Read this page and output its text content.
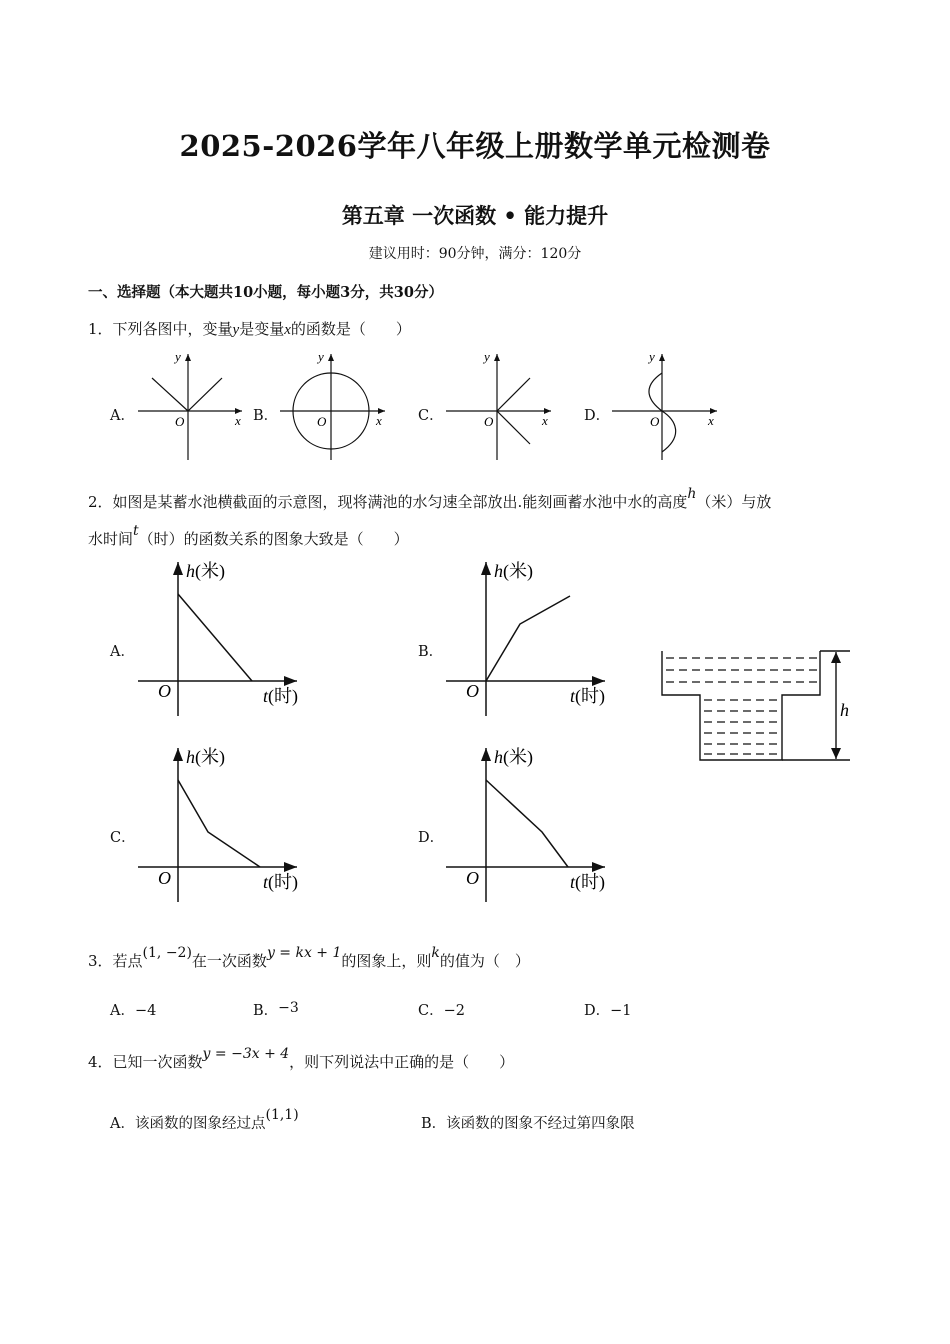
2025-2026学年八年级上册数学单元检测卷
第五章 一次函数 • 能力提升
建议用时：90分钟，满分：120分
一、选择题（本大题共10小题，每小题3分，共30分）
1．下列各图中，变量y是变量x的函数是（　　）
A．	B．	C．	D．
O	x
y
O	x
y
O	x
y
O	x
y
O
h(米)
t(时)	O
h(米)
t(时)
O
h(米)
t(时)	O
h(米)
t(时)
h
2．如图是某蓄水池横截面的示意图，现将满池的水匀速全部放出.能刻画蓄水池中水的高度h（米）与放
水时间t（时）的函数关系的图象大致是（　　）
A．	B．
C．	D．
3．若点(1, −2)在一次函数y = kx + 1的图象上，则k的值为（　）
A．−4	B．−3	C．−2	D．−1
4．已知一次函数y = −3x + 4，则下列说法中正确的是（　　）
A．该函数的图象经过点(1,1)
B．该函数的图象不经过第四象限
